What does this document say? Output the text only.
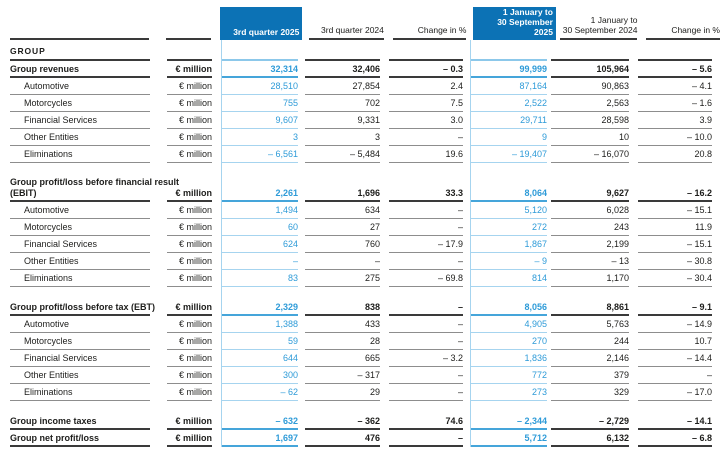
3rd quarter 2025	3rd quarter 2024	Change in %
1 January to
30 September 2025
1 January to
30 September 2024	Change in %
GROUP
Group revenues	€ million	32,314	32,406	– 0.3	99,999	105,964	– 5.6
Automotive	€ million	28,510	27,854	2.4	87,164	90,863	– 4.1
Motorcycles	€ million	755	702	7.5	2,522	2,563	– 1.6
Financial Services	€ million	9,607	9,331	3.0	29,711	28,598	3.9
Other Entities	€ million	3	3	–	9	10	– 10.0
Eliminations	€ million	– 6,561	– 5,484	19.6	– 19,407	– 16,070	20.8
Group profit/loss before financial result
(EBIT)	€ million	2,261	1,696	33.3	8,064	9,627	– 16.2
Automotive	€ million	1,494	634	–	5,120	6,028	– 15.1
Motorcycles	€ million	60	27	–	272	243	11.9
Financial Services	€ million	624	760	– 17.9	1,867	2,199	– 15.1
Other Entities	€ million	–	–	–	– 9	– 13	– 30.8
Eliminations	€ million	83	275	– 69.8	814	1,170	– 30.4
Group profit/loss before tax (EBT)	€ million	2,329	838	–	8,056	8,861	– 9.1
Automotive	€ million	1,388	433	–	4,905	5,763	– 14.9
Motorcycles	€ million	59	28	–	270	244	10.7
Financial Services	€ million	644	665	– 3.2	1,836	2,146	– 14.4
Other Entities	€ million	300	– 317	–	772	379	–
Eliminations	€ million	– 62	29	–	273	329	– 17.0
Group income taxes	€ million	– 632	– 362	74.6	– 2,344	– 2,729	– 14.1
Group net profit/loss	€ million	1,697	476	–	5,712	6,132	– 6.8
